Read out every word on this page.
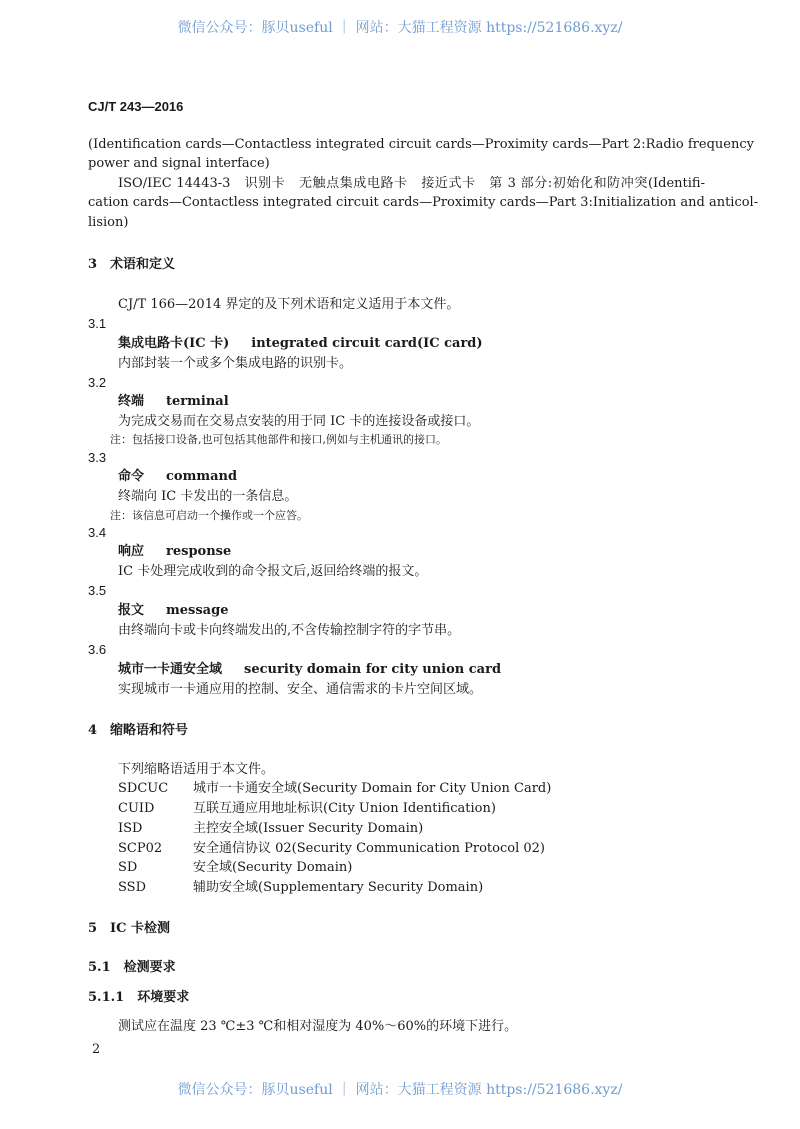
微信公众号：豚贝useful ｜ 网站：大猫工程资源 https://521686.xyz/
CJ/T 243—2016
(Identification cards—Contactless integrated circuit cards—Proximity cards—Part 2:Radio frequency
power and signal interface)
ISO/IEC 14443-3　识别卡　无触点集成电路卡　接近式卡　第 3 部分:初始化和防冲突(Identifi-
cation cards—Contactless integrated circuit cards—Proximity cards—Part 3:Initialization and anticol-
lision)
3　术语和定义
CJ/T 166—2014 界定的及下列术语和定义适用于本文件。
3.1
集成电路卡(IC 卡) integrated circuit card(IC card)
内部封装一个或多个集成电路的识别卡。
3.2
终端 terminal
为完成交易而在交易点安装的用于同 IC 卡的连接设备或接口。
注：包括接口设备,也可包括其他部件和接口,例如与主机通讯的接口。
3.3
命令 command
终端向 IC 卡发出的一条信息。
注：该信息可启动一个操作或一个应答。
3.4
响应 response
IC 卡处理完成收到的命令报文后,返回给终端的报文。
3.5
报文 message
由终端向卡或卡向终端发出的,不含传输控制字符的字节串。
3.6
城市一卡通安全域 security domain for city union card
实现城市一卡通应用的控制、安全、通信需求的卡片空间区域。
4　缩略语和符号
下列缩略语适用于本文件。
SDCUC 城市一卡通安全域(Security Domain for City Union Card)
CUID	互联互通应用地址标识(City Union Identification)
ISD	主控安全域(Issuer Security Domain)
SCP02 安全通信协议 02(Security Communication Protocol 02)
SD	安全域(Security Domain)
SSD	辅助安全域(Supplementary Security Domain)
5　IC 卡检测
5.1　检测要求
5.1.1　环境要求
测试应在温度 23 ℃±3 ℃和相对湿度为 40%～60%的环境下进行。
2
微信公众号：豚贝useful ｜ 网站：大猫工程资源 https://521686.xyz/
